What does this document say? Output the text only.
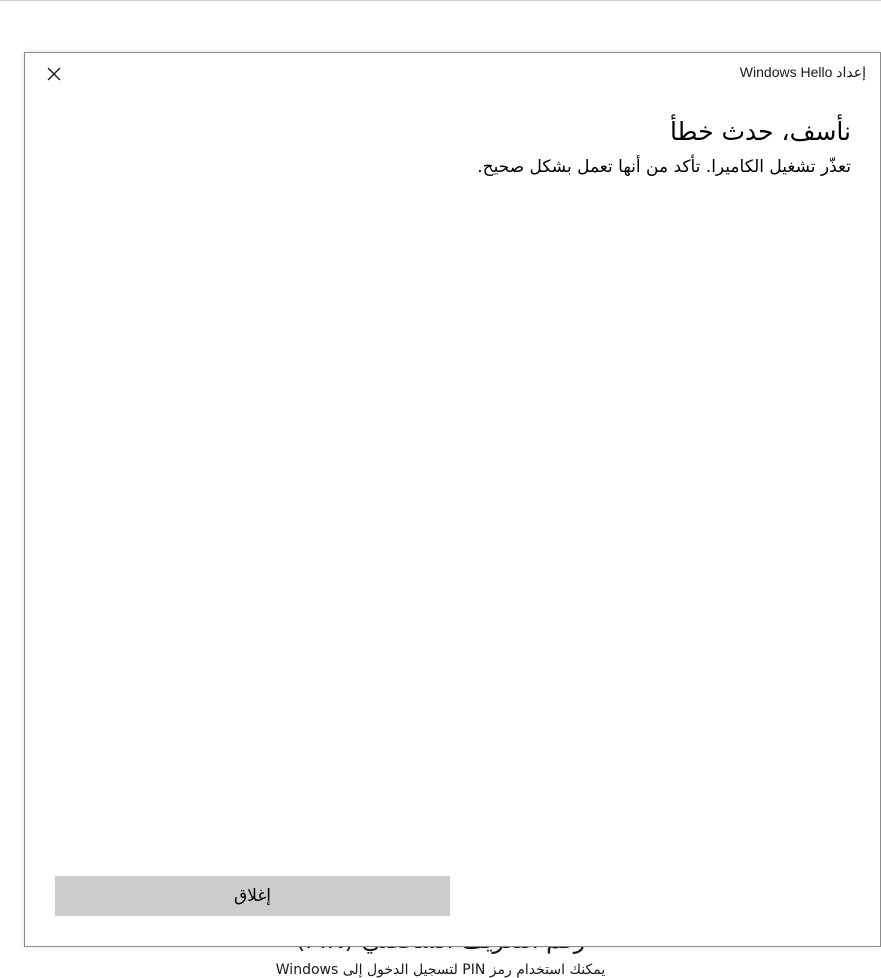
يمكنك استخدام رمز PIN لتسجيل الدخول إلى Windows
إعداد Windows Hello
نأسف، حدث خطأ
تعذّر تشغيل الكاميرا. تأكد من أنها تعمل بشكل صحيح.
إغلاق
